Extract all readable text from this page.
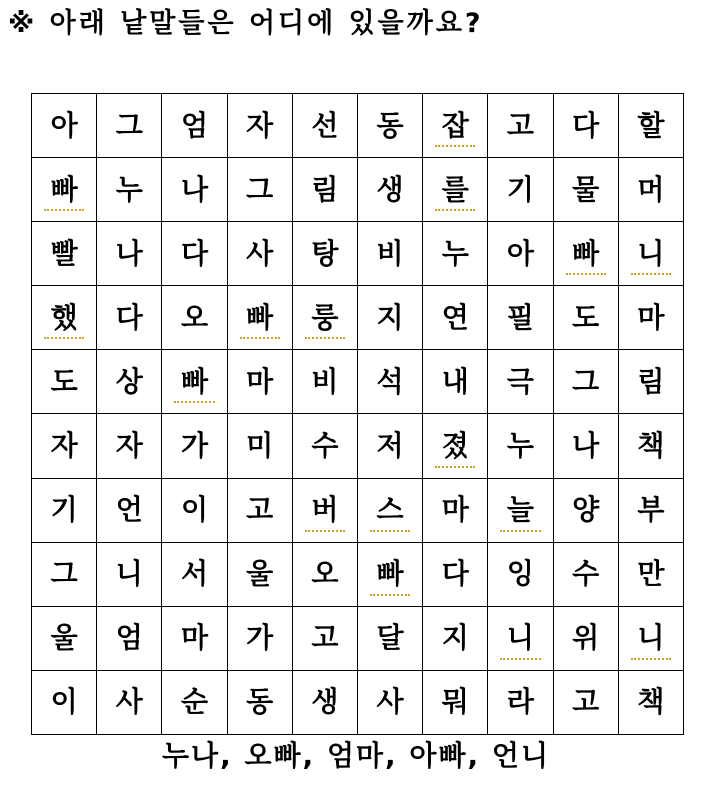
※ 아래 낱말들은 어디에 있을까요?
아	그	엄	자	선	동	잡	고	다	할
빠	누	나	그	림	생	를	기	물	머
빨	나	다	사	탕	비	누	아	빠	니
했	다	오	빠	룽	지	연	필	도	마
도	상	빠	마	비	석	내	극	그	림
자	자	가	미	수	저	졌	누	나	책
기	언	이	고	버	스	마	늘	양	부
그	니	서	울	오	빠	다	잉	수	만
울	엄	마	가	고	달	지	니	위	니
이	사	순	동	생	사	뭐	라	고	책
누나, 오빠, 엄마, 아빠, 언니
